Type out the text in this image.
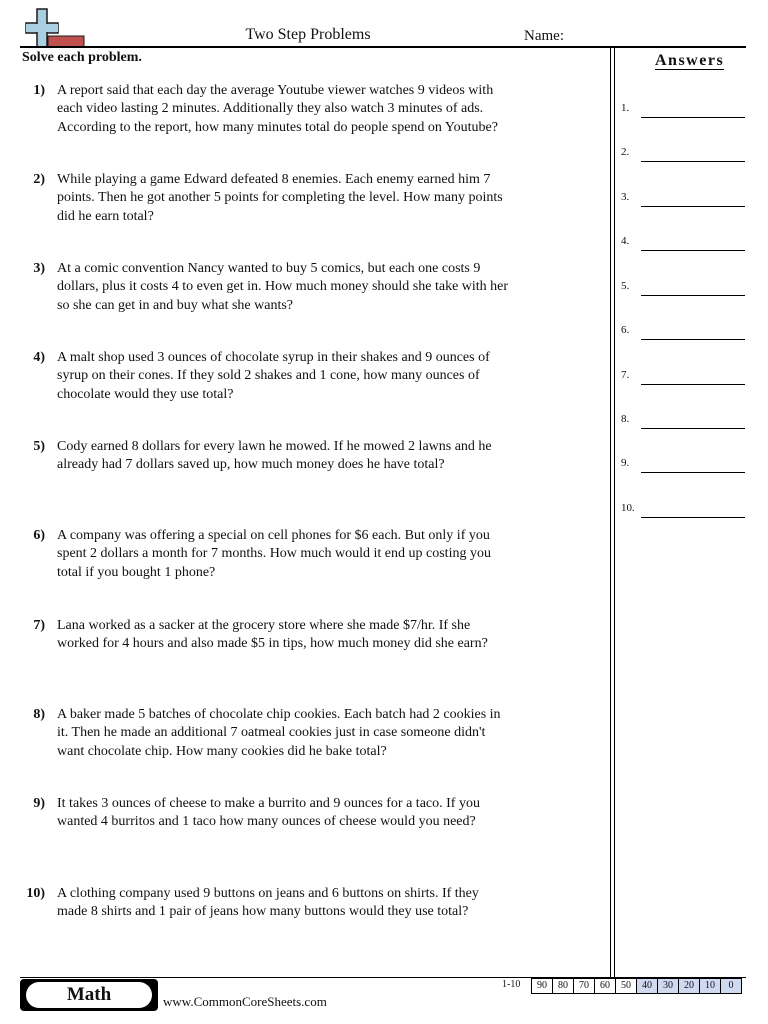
Two Step Problems	Name:
Solve each problem.	Answers
1) A report said that each day the average Youtube viewer watches 9 videos with each video lasting 2 minutes. Additionally they also watch 3 minutes of ads. According to the report, how many minutes total do people spend on Youtube?
2) While playing a game Edward defeated 8 enemies. Each enemy earned him 7 points. Then he got another 5 points for completing the level. How many points did he earn total?
3) At a comic convention Nancy wanted to buy 5 comics, but each one costs 9 dollars, plus it costs 4 to even get in. How much money should she take with her so she can get in and buy what she wants?
4) A malt shop used 3 ounces of chocolate syrup in their shakes and 9 ounces of syrup on their cones. If they sold 2 shakes and 1 cone, how many ounces of chocolate would they use total?
5) Cody earned 8 dollars for every lawn he mowed. If he mowed 2 lawns and he already had 7 dollars saved up, how much money does he have total?
6) A company was offering a special on cell phones for $6 each. But only if you spent 2 dollars a month for 7 months. How much would it end up costing you total if you bought 1 phone?
7) Lana worked as a sacker at the grocery store where she made $7/hr. If she worked for 4 hours and also made $5 in tips, how much money did she earn?
8) A baker made 5 batches of chocolate chip cookies. Each batch had 2 cookies in it. Then he made an additional 7 oatmeal cookies just in case someone didn't want chocolate chip. How many cookies did he bake total?
9) It takes 3 ounces of cheese to make a burrito and 9 ounces for a taco. If you wanted 4 burritos and 1 taco how many ounces of cheese would you need?
10) A clothing company used 9 buttons on jeans and 6 buttons on shirts. If they made 8 shirts and 1 pair of jeans how many buttons would they use total?
1.
2.
3.
4.
5.
6.
7.
8.
9.
10.
Math	www.CommonCoreSheets.com
1-10	90	80	70	60	50	40	30	20	10	0
